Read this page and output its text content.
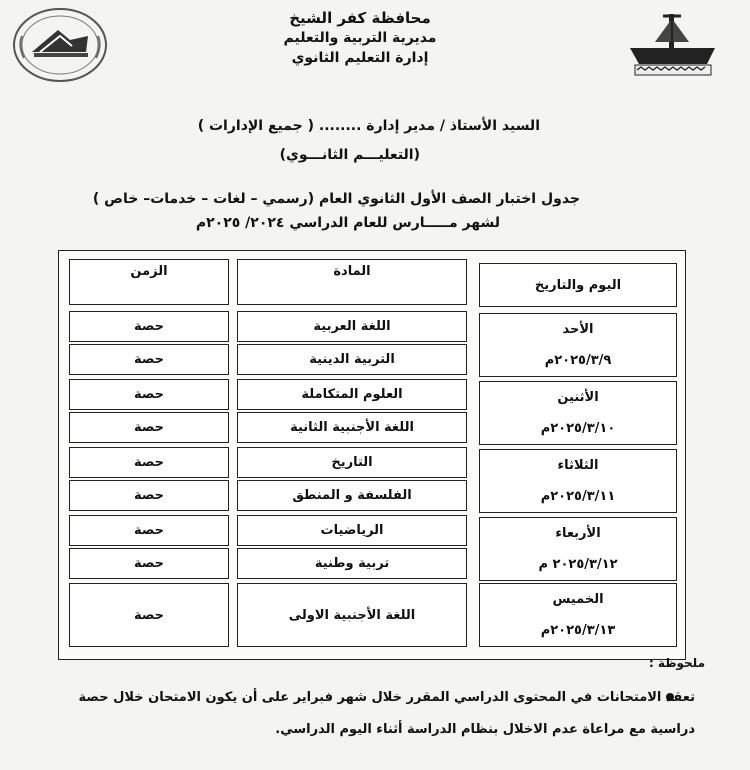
محافظة كفر الشيخ
مديرية التربية والتعليم
إدارة التعليم الثانوي
السيد الأستاذ / مدير إدارة ........ ( جميع الإدارات )
(التعليـــم الثانـــوي)
جدول اختبار الصف الأول الثانوي العام (رسمي – لغات – خدمات– خاص )
لشهر مـــــارس للعام الدراسي ٢٠٢٤/ ٢٠٢٥م
اليوم والتاريخ
المادة
الزمن
الأحد
٢٠٢٥/٣/٩م
الأثنين
٢٠٢٥/٣/١٠م
الثلاثاء
٢٠٢٥/٣/١١م
الأربعاء
٢٠٢٥/٣/١٢ م
الخميس
٢٠٢٥/٣/١٣م
اللغة العربية
حصة
التربية الدينية
حصة
العلوم المتكاملة
حصة
اللغة الأجنبية الثانية
حصة
التاريخ
حصة
الفلسفة و المنطق
حصة
الرياضيات
حصة
تربية وطنية
حصة
اللغة الأجنبية الاولى
حصة
ملحوظة :
تعقد الامتحانات في المحتوى الدراسي المقرر خلال شهر فبراير على أن يكون الامتحان خلال حصة
دراسية مع مراعاة عدم الاخلال بنظام الدراسة أثناء اليوم الدراسي.
